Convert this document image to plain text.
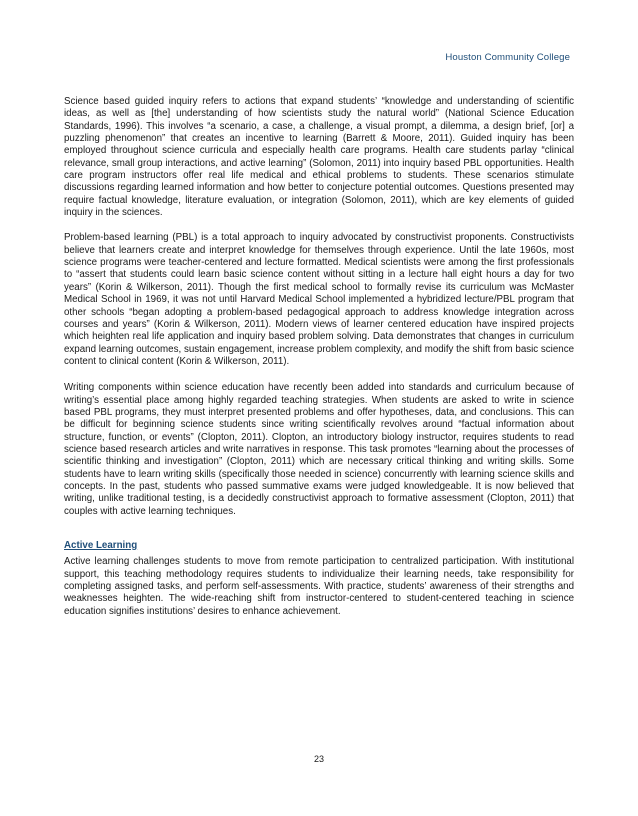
Houston Community College

Science based guided inquiry refers to actions that expand students’ “knowledge and understanding of scientific ideas, as well as [the] understanding of how scientists study the natural world” (National Science Education Standards, 1996). This involves “a scenario, a case, a challenge, a visual prompt, a dilemma, a design brief, [or] a puzzling phenomenon” that creates an incentive to learning (Barrett & Moore, 2011). Guided inquiry has been employed throughout science curricula and especially health care programs. Health care students parlay “clinical relevance, small group interactions, and active learning” (Solomon, 2011) into inquiry based PBL opportunities. Health care program instructors offer real life medical and ethical problems to students. These scenarios stimulate discussions regarding learned information and how better to conjecture potential outcomes. Questions presented may require factual knowledge, literature evaluation, or integration (Solomon, 2011), which are key elements of guided inquiry in the sciences.

Problem-based learning (PBL) is a total approach to inquiry advocated by constructivist proponents. Constructivists believe that learners create and interpret knowledge for themselves through experience. Until the late 1960s, most science programs were teacher-centered and lecture formatted. Medical scientists were among the first professionals to “assert that students could learn basic science content without sitting in a lecture hall eight hours a day for two years” (Korin & Wilkerson, 2011). Though the first medical school to formally revise its curriculum was McMaster Medical School in 1969, it was not until Harvard Medical School implemented a hybridized lecture/PBL program that other schools “began adopting a problem-based pedagogical approach to address knowledge integration across courses and years” (Korin & Wilkerson, 2011). Modern views of learner centered education have inspired projects which heighten real life application and inquiry based problem solving. Data demonstrates that changes in curriculum expand learning outcomes, sustain engagement, increase problem complexity, and modify the shift from basic science content to clinical content (Korin & Wilkerson, 2011).

Writing components within science education have recently been added into standards and curriculum because of writing’s essential place among highly regarded teaching strategies. When students are asked to write in science based PBL programs, they must interpret presented problems and offer hypotheses, data, and conclusions. This can be difficult for beginning science students since writing scientifically revolves around “factual information about structure, function, or events” (Clopton, 2011). Clopton, an introductory biology instructor, requires students to read science based research articles and write narratives in response. This task promotes “learning about the processes of scientific thinking and investigation” (Clopton, 2011) which are necessary critical thinking and writing skills. Some students have to learn writing skills (specifically those needed in science) concurrently with learning science skills and concepts. In the past, students who passed summative exams were judged knowledgeable. It is now believed that writing, unlike traditional testing, is a decidedly constructivist approach to formative assessment (Clopton, 2011) that couples with active learning techniques.

Active Learning

Active learning challenges students to move from remote participation to centralized participation. With institutional support, this teaching methodology requires students to individualize their learning needs, take responsibility for completing assigned tasks, and perform self-assessments. With practice, students’ awareness of their strengths and weaknesses heighten. The wide-reaching shift from instructor-centered to student-centered teaching in science education signifies institutions’ desires to enhance achievement.

23
